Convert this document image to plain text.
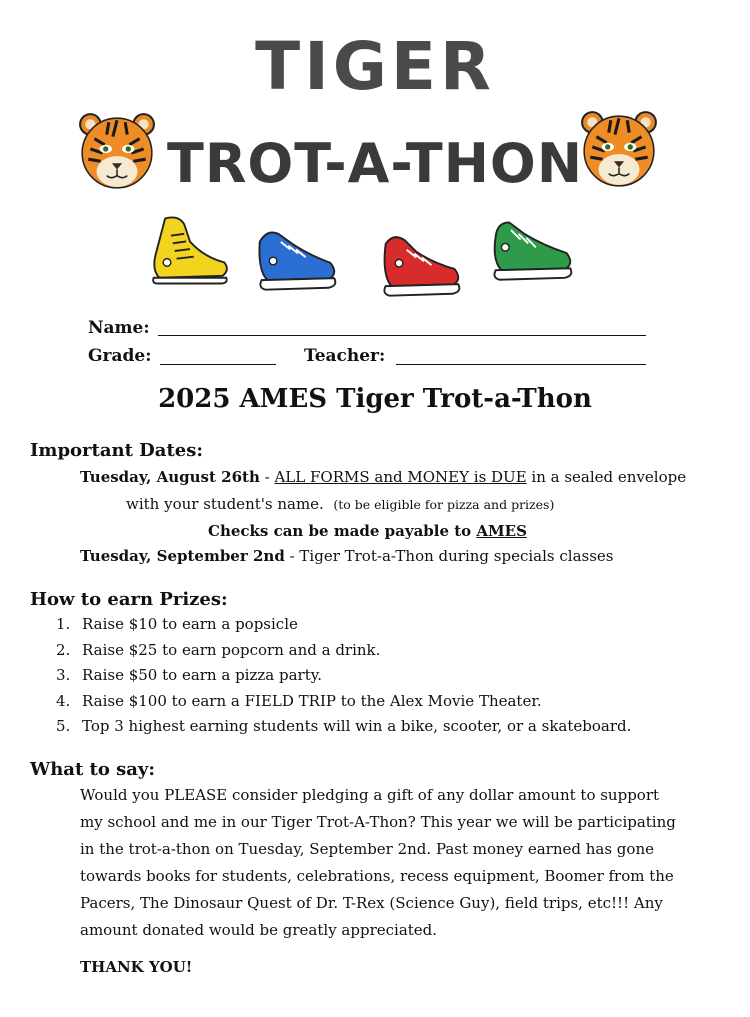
TIGER
TROT-A-THON
Name:
Grade:	Teacher:
2025 AMES Tiger Trot-a-Thon
Important Dates:
Tuesday, August 26th - ALL FORMS and MONEY is DUE in a sealed envelope
with your student's name. (to be eligible for pizza and prizes)
Checks can be made payable to AMES
Tuesday, September 2nd - Tiger Trot-a-Thon during specials classes
How to earn Prizes:
1. Raise $10 to earn a popsicle
2. Raise $25 to earn popcorn and a drink.
3. Raise $50 to earn a pizza party.
4. Raise $100 to earn a FIELD TRIP to the Alex Movie Theater.
5. Top 3 highest earning students will win a bike, scooter, or a skateboard.
What to say:
Would you PLEASE consider pledging a gift of any dollar amount to support
my school and me in our Tiger Trot-A-Thon? This year we will be participating
in the trot-a-thon on Tuesday, September 2nd. Past money earned has gone
towards books for students, celebrations, recess equipment, Boomer from the
Pacers, The Dinosaur Quest of Dr. T-Rex (Science Guy), field trips, etc!!! Any
amount donated would be greatly appreciated.
THANK YOU!
